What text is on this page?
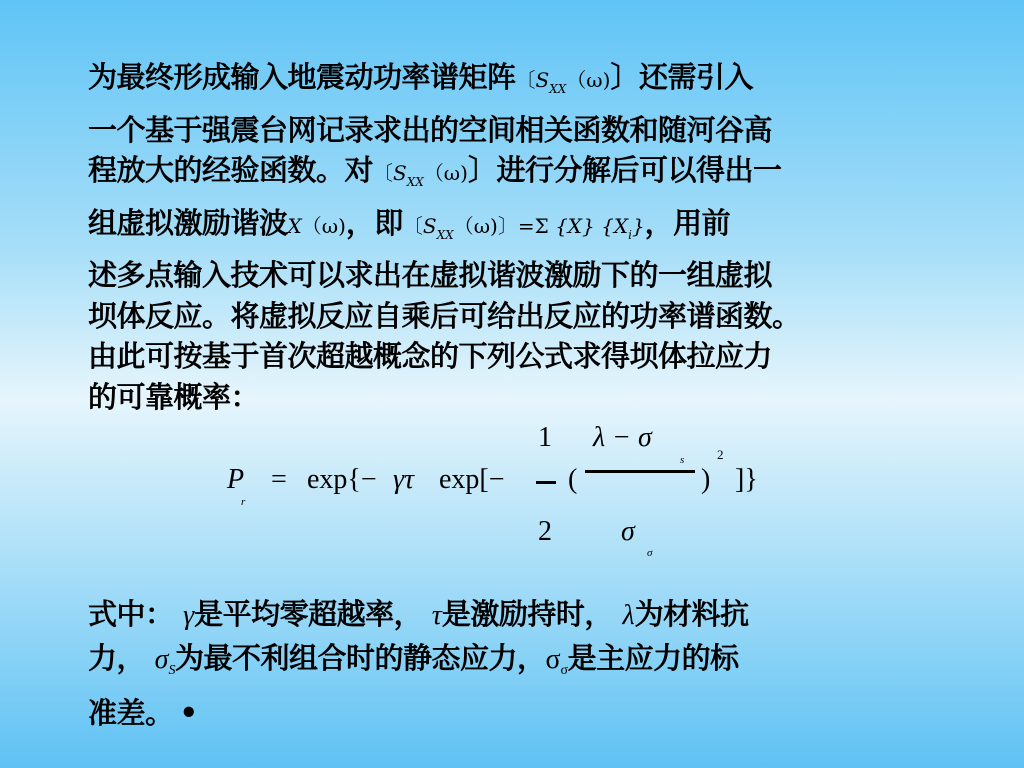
为最终形成输入地震动功率谱矩阵〔$S_{XX}(\omega)$〕还需引入
一个基于强震台网记录求出的空间相关函数和随河谷高
程放大的经验函数。对〔$S_{XX}(\omega)$〕进行分解后可以得出一
组虚拟激励谐波X（ω)，即〔$S_{XX}(\omega)$〕=Σ {X} $\{X_i\}$，用前
述多点输入技术可以求出在虚拟谐波激励下的一组虚拟
坝体反应。将虚拟反应自乘后可给出反应的功率谱函数。
由此可按基于首次超越概念的下列公式求得坝体拉应力
的可靠概率：
P
r
= exp{− γτ exp[−
1
2
(
λ − σ
s
σ
σ
)
2
]}
式中： γ是平均零超越率， τ是激励持时， λ为材料抗
力， $\sigma_S$为最不利组合时的静态应力，$\sigma_\sigma$是主应力的标
准差。 •
